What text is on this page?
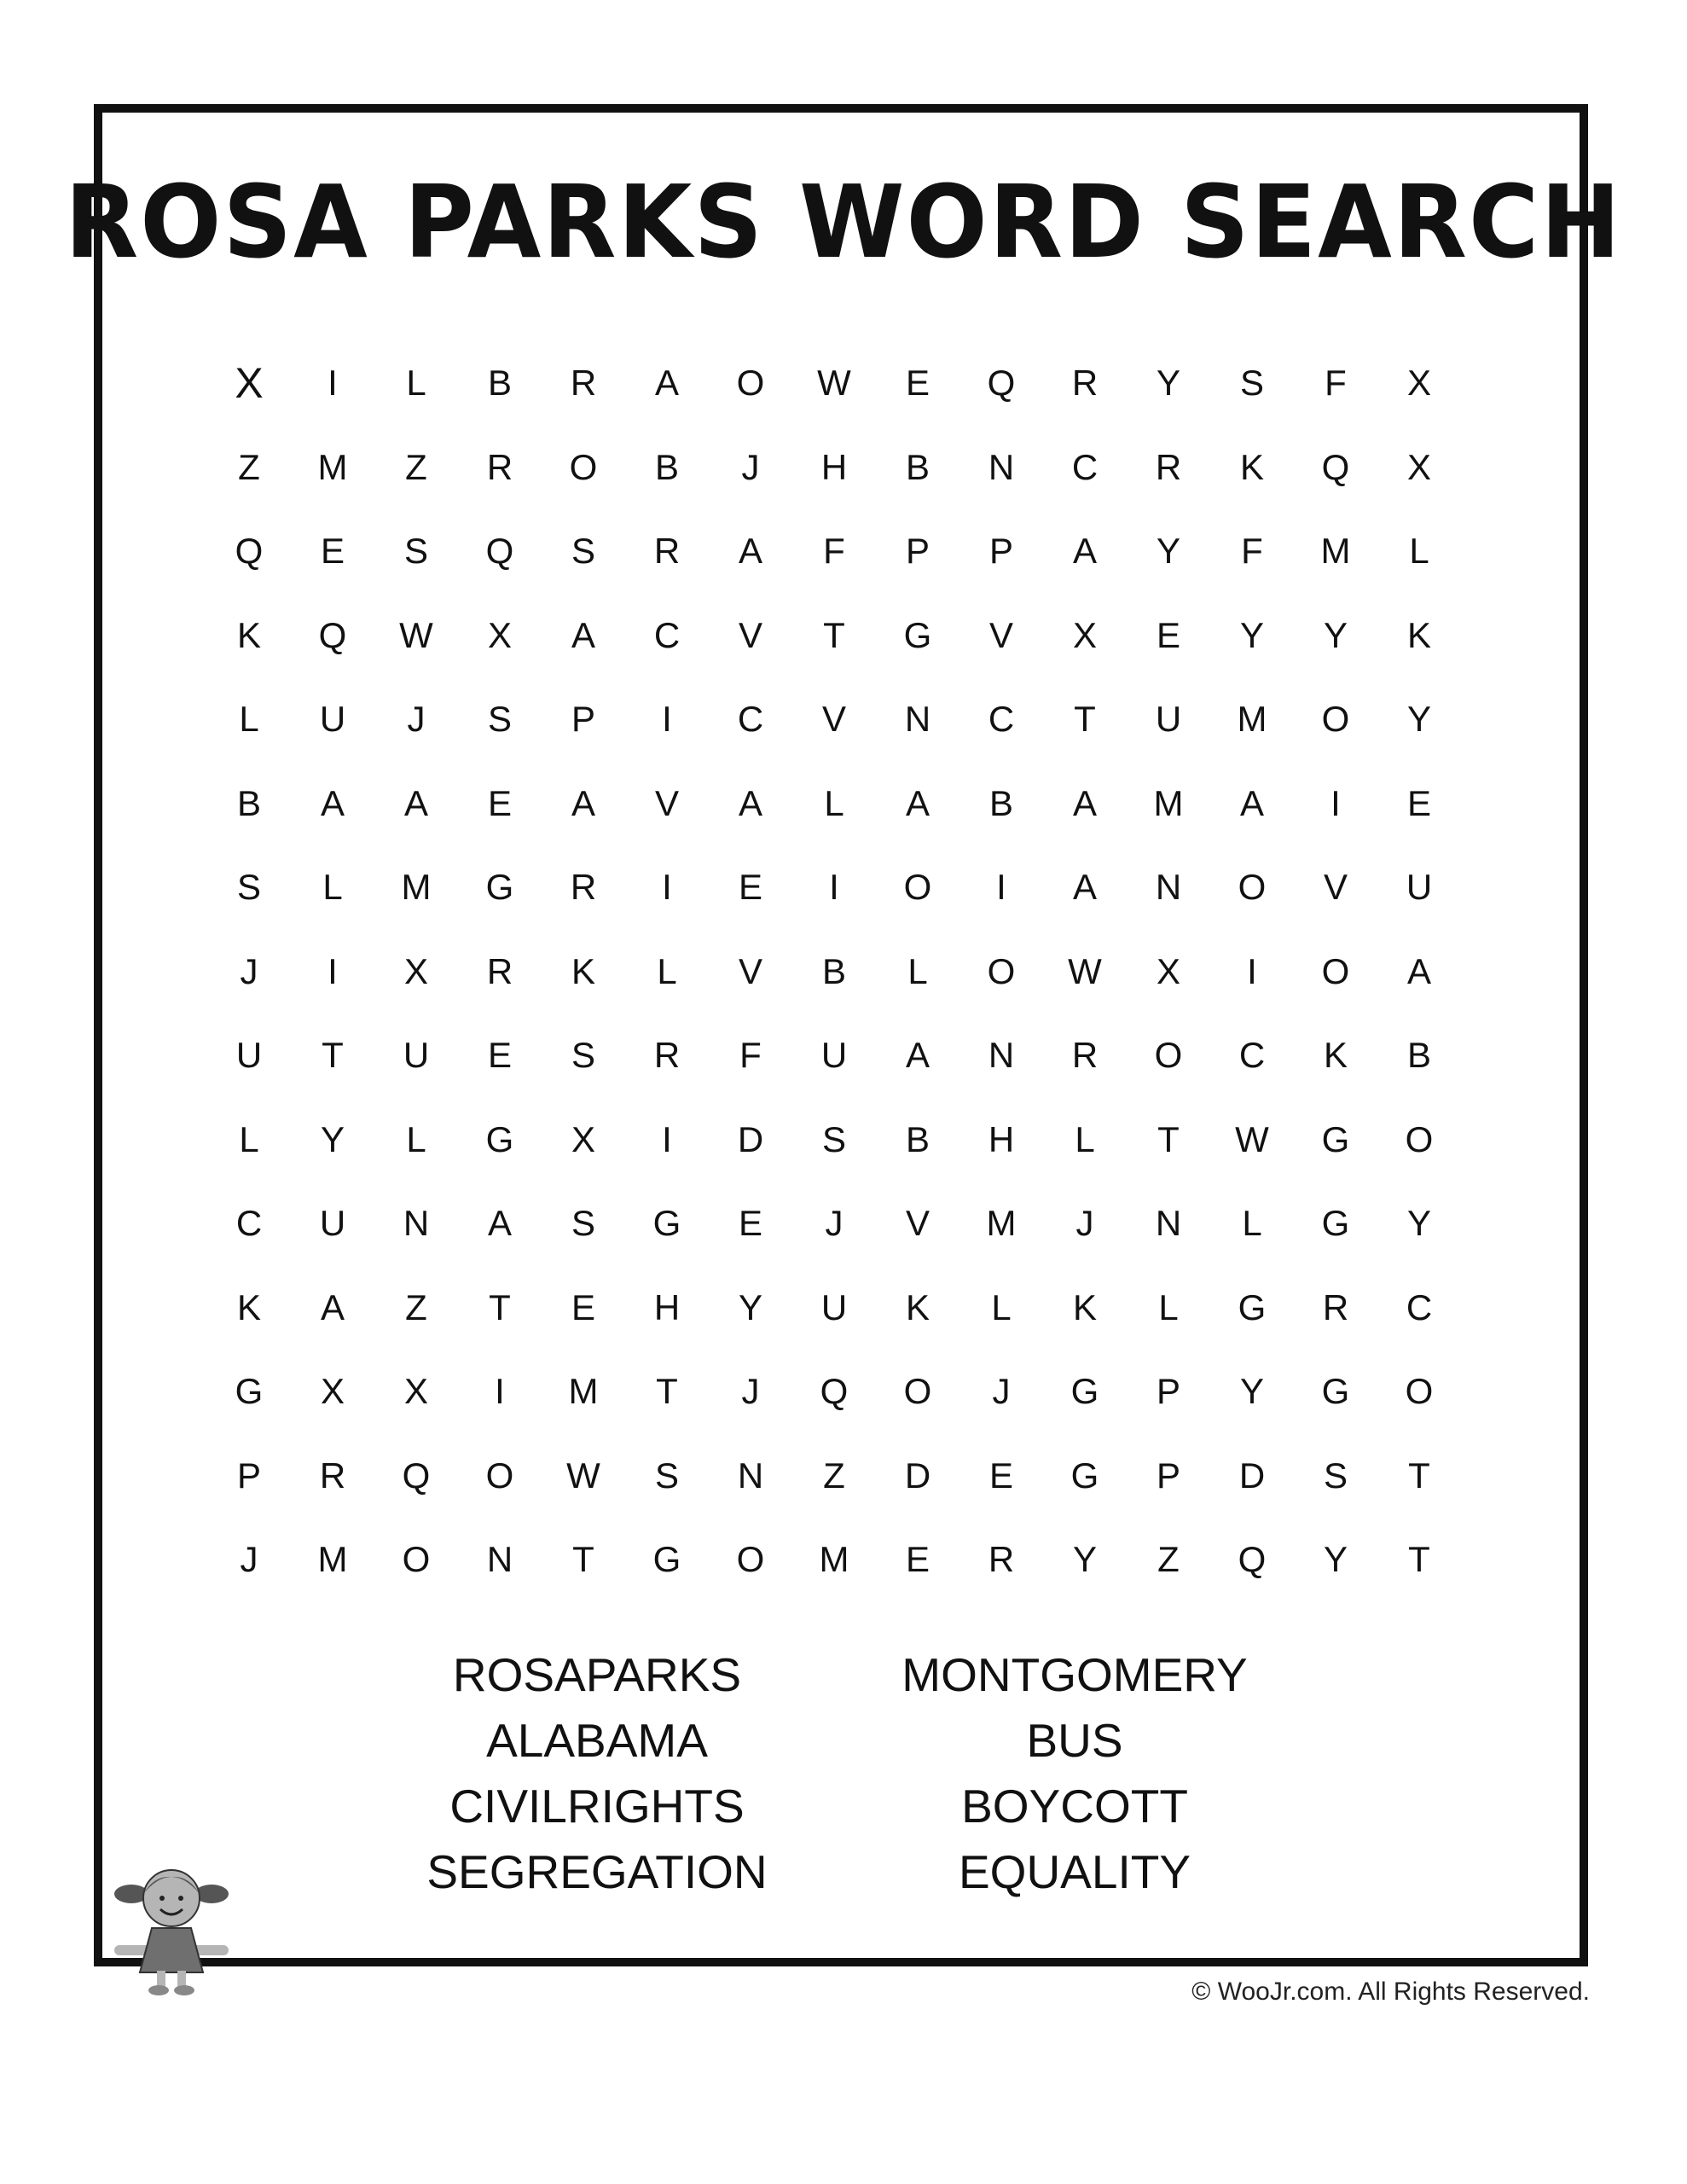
ROSA PARKS WORD SEARCH
X	I	L	B	R	A	O	W	E	Q	R	Y	S	F	X
Z	M	Z	R	O	B	J	H	B	N	C	R	K	Q	X
Q	E	S	Q	S	R	A	F	P	P	A	Y	F	M	L
K	Q	W	X	A	C	V	T	G	V	X	E	Y	Y	K
L	U	J	S	P	I	C	V	N	C	T	U	M	O	Y
B	A	A	E	A	V	A	L	A	B	A	M	A	I	E
S	L	M	G	R	I	E	I	O	I	A	N	O	V	U
J	I	X	R	K	L	V	B	L	O	W	X	I	O	A
U	T	U	E	S	R	F	U	A	N	R	O	C	K	B
L	Y	L	G	X	I	D	S	B	H	L	T	W	G	O
C	U	N	A	S	G	E	J	V	M	J	N	L	G	Y
K	A	Z	T	E	H	Y	U	K	L	K	L	G	R	C
G	X	X	I	M	T	J	Q	O	J	G	P	Y	G	O
P	R	Q	O	W	S	N	Z	D	E	G	P	D	S	T
J	M	O	N	T	G	O	M	E	R	Y	Z	Q	Y	T
ROSAPARKS
ALABAMA
CIVILRIGHTS
SEGREGATION
MONTGOMERY
BUS
BOYCOTT
EQUALITY
© WooJr.com. All Rights Reserved.
